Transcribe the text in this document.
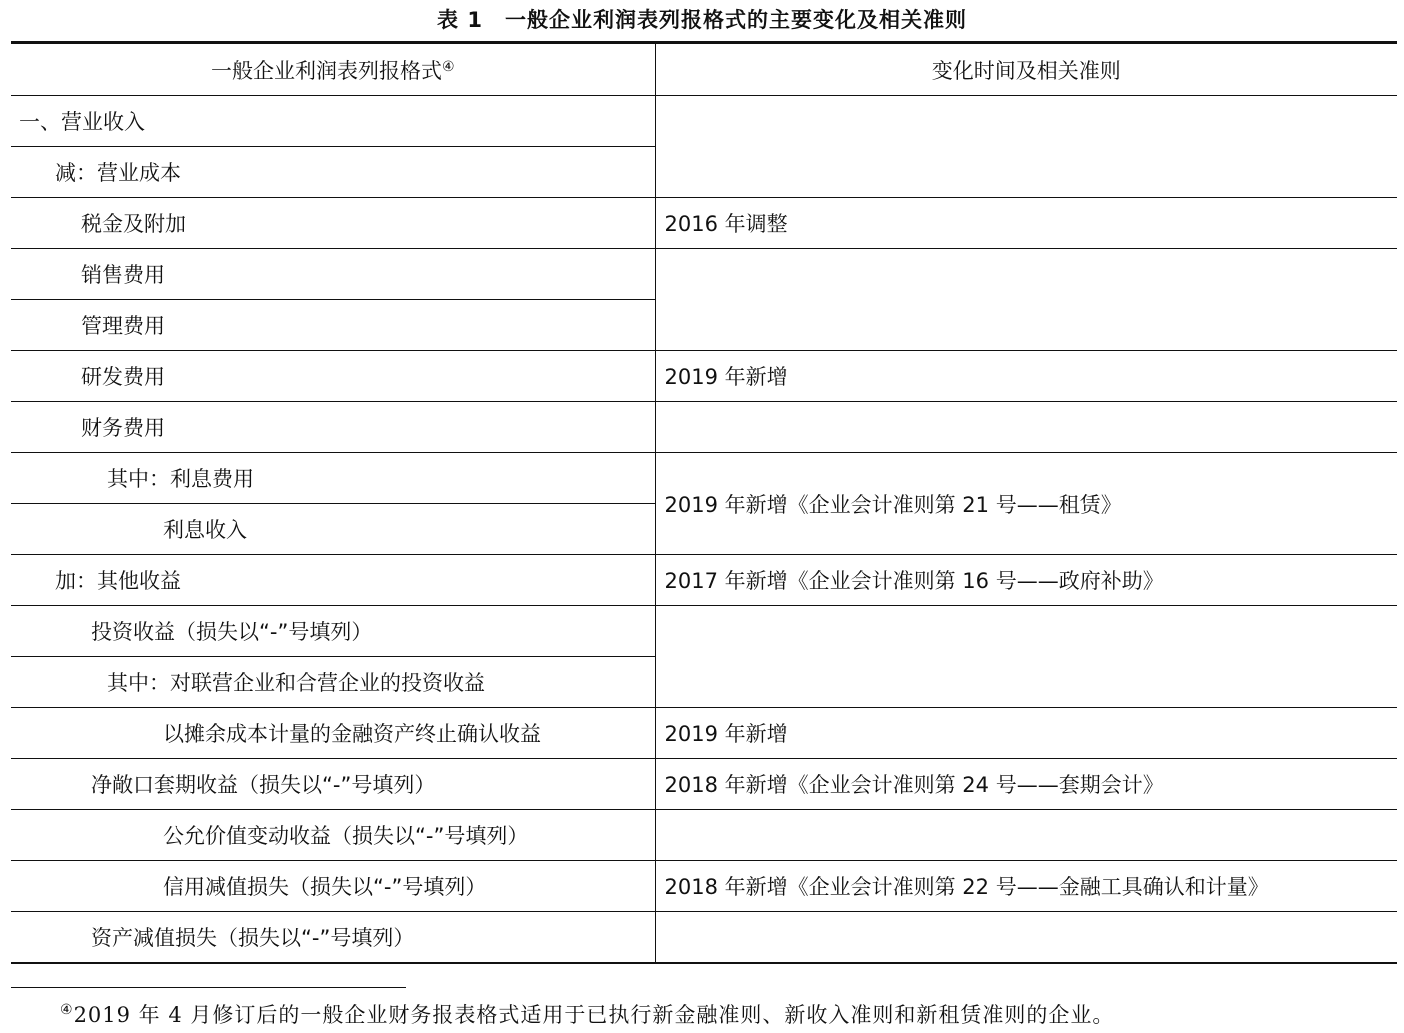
表 1　一般企业利润表列报格式的主要变化及相关准则
一般企业利润表列报格式④	变化时间及相关准则
一、营业收入	
减：营业成本	
税金及附加	2016 年调整
销售费用	
管理费用	
研发费用	2019 年新增
财务费用	
其中：利息费用	2019 年新增《企业会计准则第 21 号——租赁》
利息收入	
加：其他收益	2017 年新增《企业会计准则第 16 号——政府补助》
投资收益（损失以“-”号填列）	
其中：对联营企业和合营企业的投资收益	
以摊余成本计量的金融资产终止确认收益	2019 年新增
净敞口套期收益（损失以“-”号填列）	2018 年新增《企业会计准则第 24 号——套期会计》
公允价值变动收益（损失以“-”号填列）	
信用减值损失（损失以“-”号填列）	2018 年新增《企业会计准则第 22 号——金融工具确认和计量》
资产减值损失（损失以“-”号填列）	
④2019 年 4 月修订后的一般企业财务报表格式适用于已执行新金融准则、新收入准则和新租赁准则的企业。
